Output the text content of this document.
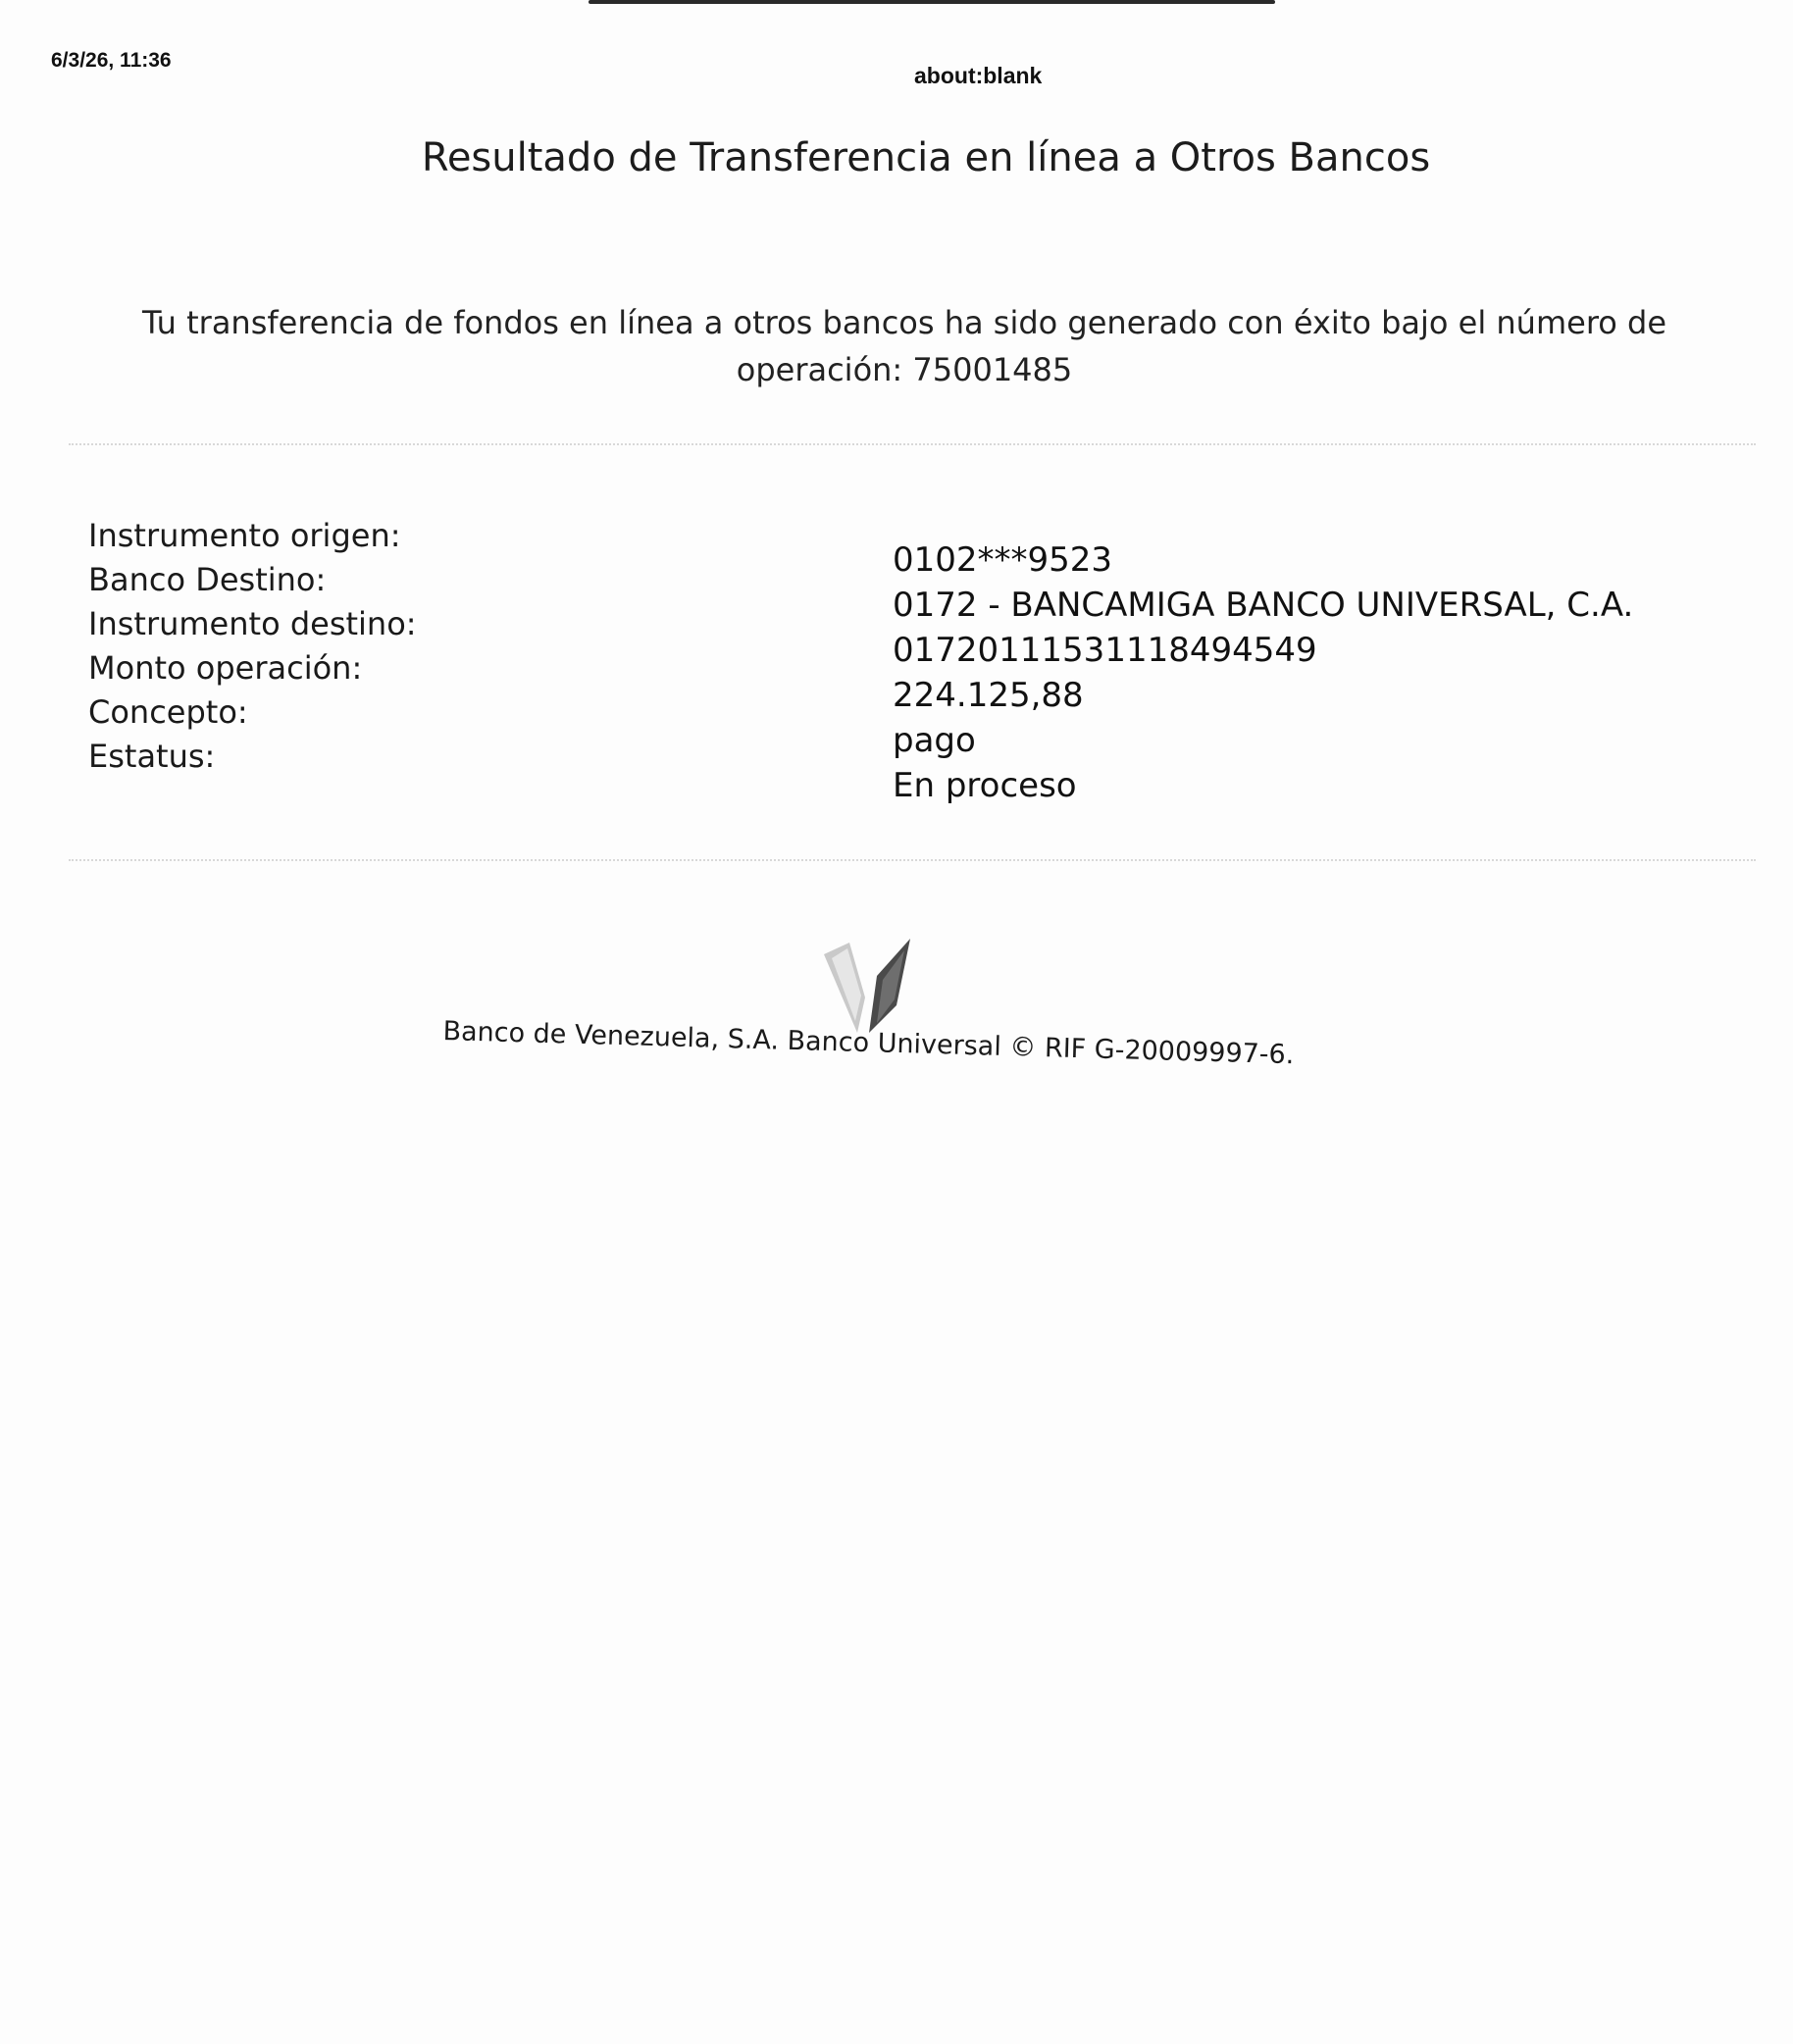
6/3/26, 11:36
about:blank
Resultado de Transferencia en línea a Otros Bancos
Tu transferencia de fondos en línea a otros bancos ha sido generado con éxito bajo el número de
operación: 75001485
Instrumento origen:
Banco Destino:
Instrumento destino:
Monto operación:
Concepto:
Estatus:
0102***9523
0172 - BANCAMIGA BANCO UNIVERSAL, C.A.
01720111531118494549
224.125,88
pago
En proceso
Banco de Venezuela, S.A. Banco Universal © RIF G-20009997-6.
